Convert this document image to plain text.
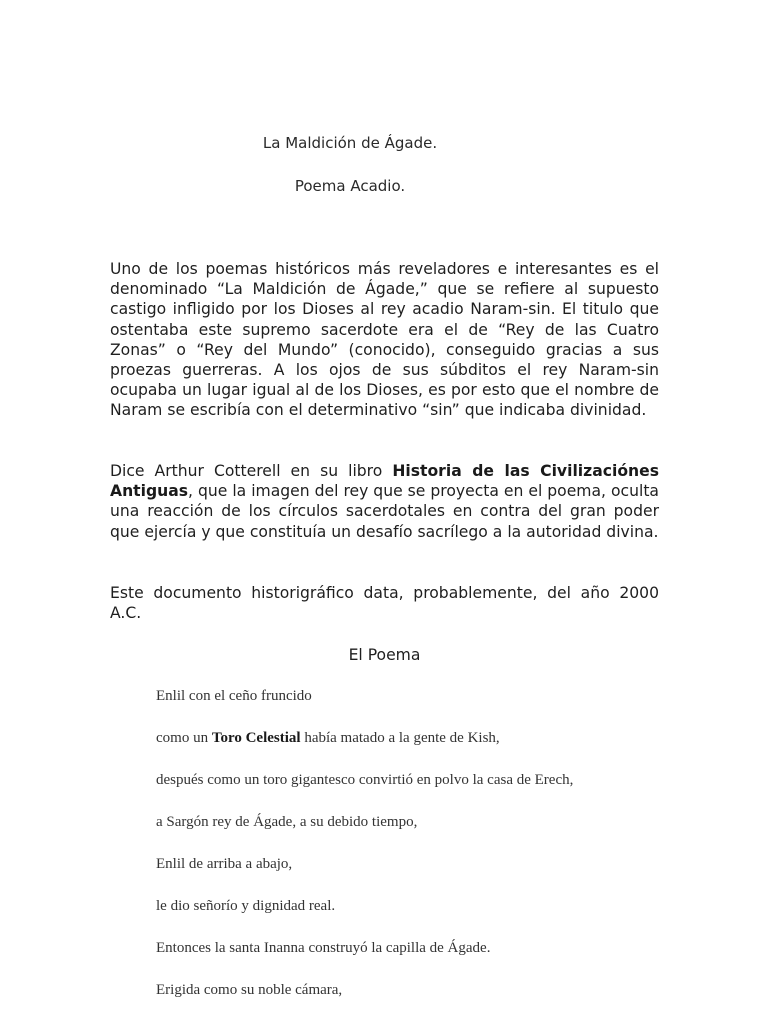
La Maldición de Ágade.
Poema Acadio.

Uno de los poemas históricos más reveladores e interesantes es el denominado “La Maldición de Ágade,” que se refiere al supuesto castigo infligido por los Dioses al rey acadio Naram-sin. El titulo que ostentaba este supremo sacerdote era el de “Rey de las Cuatro Zonas” o “Rey del Mundo” (conocido), conseguido gracias a sus proezas guerreras. A los ojos de sus súbditos el rey Naram-sin ocupaba un lugar igual al de los Dioses, es por esto que el nombre de Naram se escribía con el determinativo “sin” que indicaba divinidad.

Dice Arthur Cotterell en su libro Historia de las Civilizaciónes Antiguas, que la imagen del rey que se proyecta en el poema, oculta una reacción de los círculos sacerdotales en contra del gran poder que ejercía y que constituía un desafío sacrílego a la autoridad divina.

Este documento historigráfico data, probablemente, del año 2000 A.C.

El Poema
Enlil con el ceño fruncido
como un Toro Celestial había matado a la gente de Kish,
después como un toro gigantesco convirtió en polvo la casa de Erech,
a Sargón rey de Ágade, a su debido tiempo,
Enlil de arriba a abajo,
le dio señorío y dignidad real.
Entonces la santa Inanna construyó la capilla de Ágade.
Erigida como su noble cámara,
